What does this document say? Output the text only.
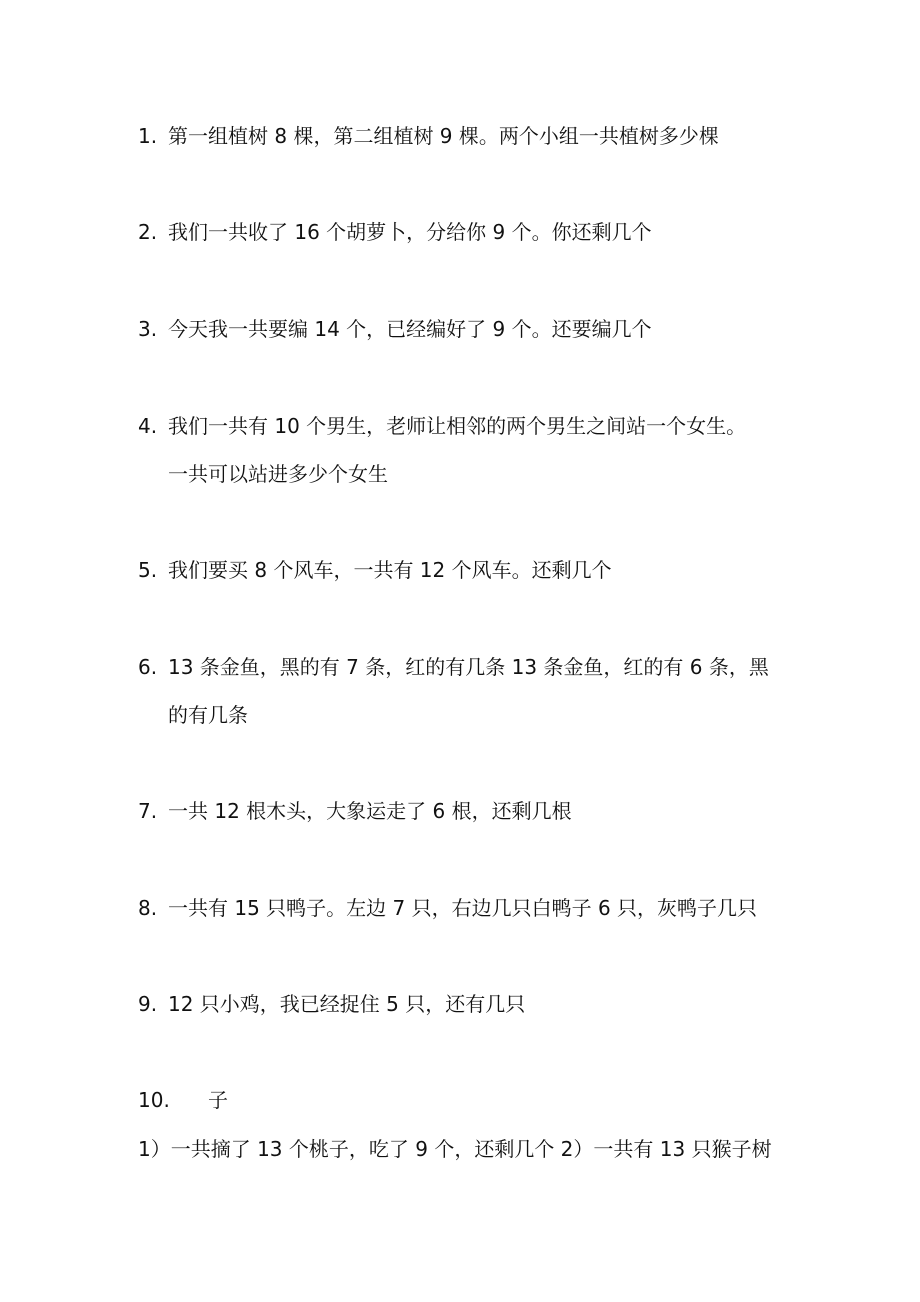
1. 第一组植树 8 棵，第二组植树 9 棵。两个小组一共植树多少棵
2. 我们一共收了 16 个胡萝卜，分给你 9 个。你还剩几个
3. 今天我一共要编 14 个，已经编好了 9 个。还要编几个
4. 我们一共有 10 个男生，老师让相邻的两个男生之间站一个女生。
一共可以站进多少个女生
5. 我们要买 8 个风车，一共有 12 个风车。还剩几个
6. 13 条金鱼，黑的有 7 条，红的有几条 13 条金鱼，红的有 6 条，黑
的有几条
7. 一共 12 根木头，大象运走了 6 根，还剩几根
8. 一共有 15 只鸭子。左边 7 只，右边几只白鸭子 6 只，灰鸭子几只
9. 12 只小鸡，我已经捉住 5 只，还有几只
10. 子
1）一共摘了 13 个桃子，吃了 9 个，还剩几个 2）一共有 13 只猴子树
